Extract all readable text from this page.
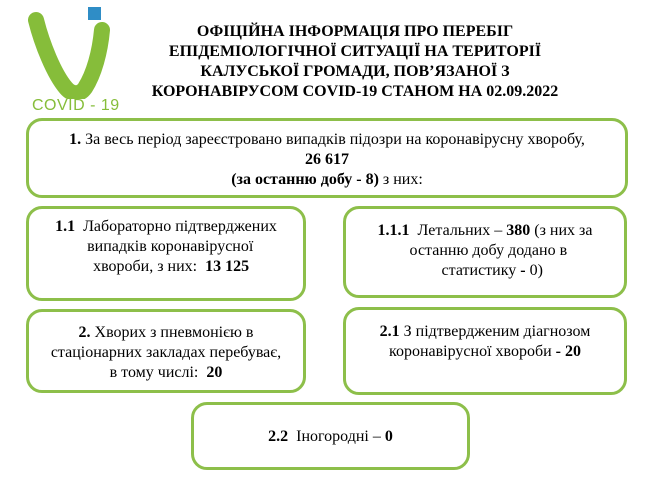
COVID - 19
ОФІЦІЙНА ІНФОРМАЦІЯ ПРО ПЕРЕБІГ
ЕПІДЕМІОЛОГІЧНОЇ СИТУАЦІЇ НА ТЕРИТОРІЇ
КАЛУСЬКОЇ ГРОМАДИ, ПОВ’ЯЗАНОЇ З
КОРОНАВІРУСОМ COVID-19 СТАНОМ НА 02.09.2022
1. За весь період зареєстровано випадків підозри на коронавірусну хворобу,
26 617
(за останню добу - 8) з них:
1.1 Лабораторно підтверджених
випадків коронавірусної
хвороби, з них: 13 125
1.1.1 Летальних – 380 (з них за
останню добу додано в
статистику - 0)
2. Хворих з пневмонією в
стаціонарних закладах перебуває,
в тому числі: 20
2.1 З підтвердженим діагнозом
коронавірусної хвороби - 20
2.2 Іногородні – 0
